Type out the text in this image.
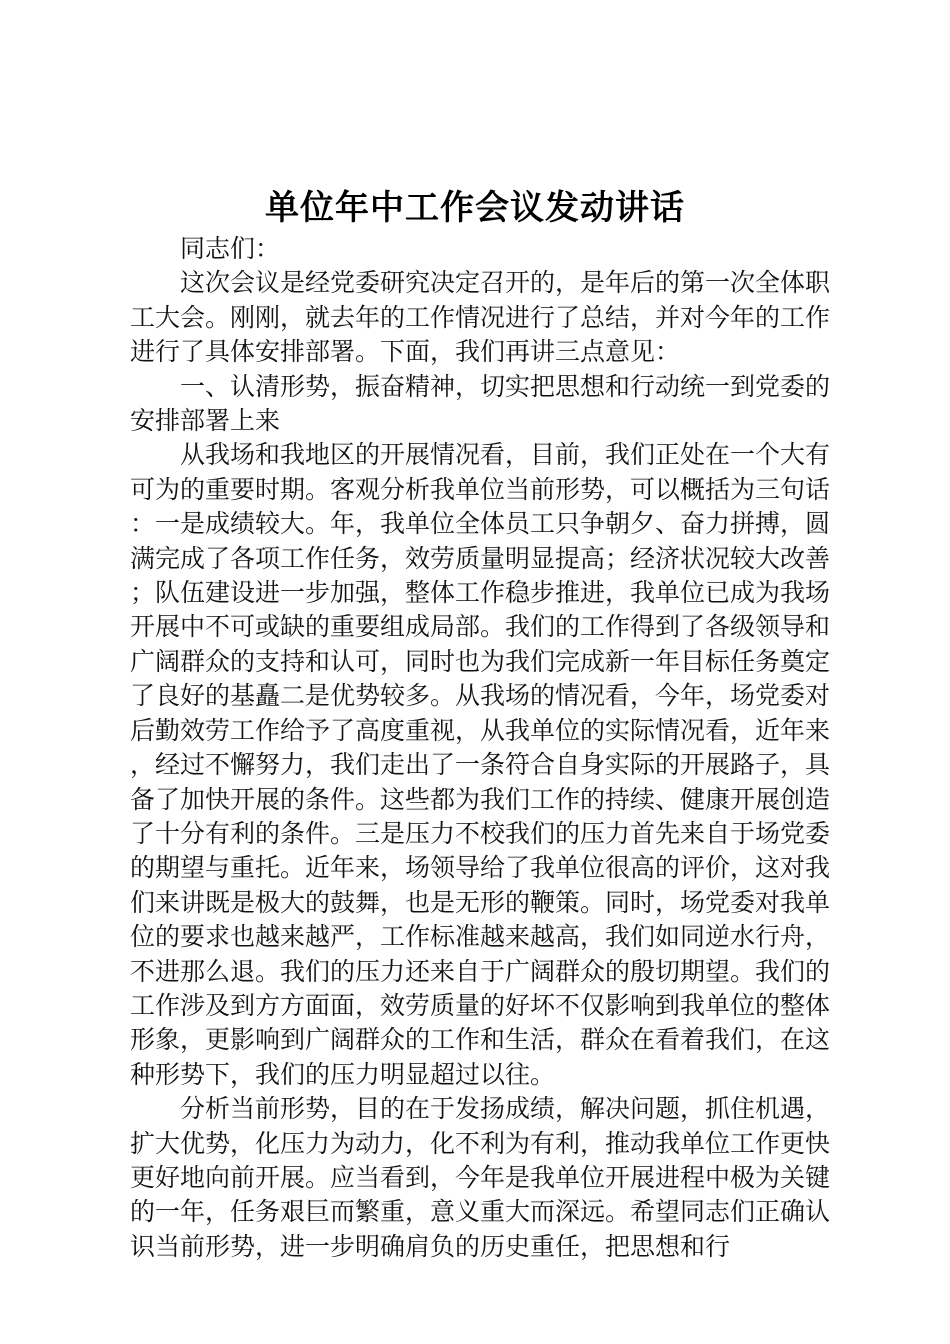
单位年中工作会议发动讲话

同志们：

这次会议是经党委研究决定召开的，是年后的第一次全体职工大会。刚刚，就去年的工作情况进行了总结，并对今年的工作进行了具体安排部署。下面，我们再讲三点意见：

一、认清形势，振奋精神，切实把思想和行动统一到党委的安排部署上来

从我场和我地区的开展情况看，目前，我们正处在一个大有可为的重要时期。客观分析我单位当前形势，可以概括为三句话：一是成绩较大。年，我单位全体员工只争朝夕、奋力拼搏，圆满完成了各项工作任务，效劳质量明显提高；经济状况较大改善；队伍建设进一步加强，整体工作稳步推进，我单位已成为我场开展中不可或缺的重要组成局部。我们的工作得到了各级领导和广阔群众的支持和认可，同时也为我们完成新一年目标任务奠定了良好的基矗二是优势较多。从我场的情况看，今年，场党委对后勤效劳工作给予了高度重视，从我单位的实际情况看，近年来，经过不懈努力，我们走出了一条符合自身实际的开展路子，具备了加快开展的条件。这些都为我们工作的持续、健康开展创造了十分有利的条件。三是压力不校我们的压力首先来自于场党委的期望与重托。近年来，场领导给了我单位很高的评价，这对我们来讲既是极大的鼓舞，也是无形的鞭策。同时，场党委对我单位的要求也越来越严，工作标准越来越高，我们如同逆水行舟，不进那么退。我们的压力还来自于广阔群众的殷切期望。我们的工作涉及到方方面面，效劳质量的好坏不仅影响到我单位的整体形象，更影响到广阔群众的工作和生活，群众在看着我们，在这种形势下，我们的压力明显超过以往。

分析当前形势，目的在于发扬成绩，解决问题，抓住机遇，扩大优势，化压力为动力，化不利为有利，推动我单位工作更快更好地向前开展。应当看到，今年是我单位开展进程中极为关键的一年，任务艰巨而繁重，意义重大而深远。希望同志们正确认识当前形势，进一步明确肩负的历史重任，把思想和行
